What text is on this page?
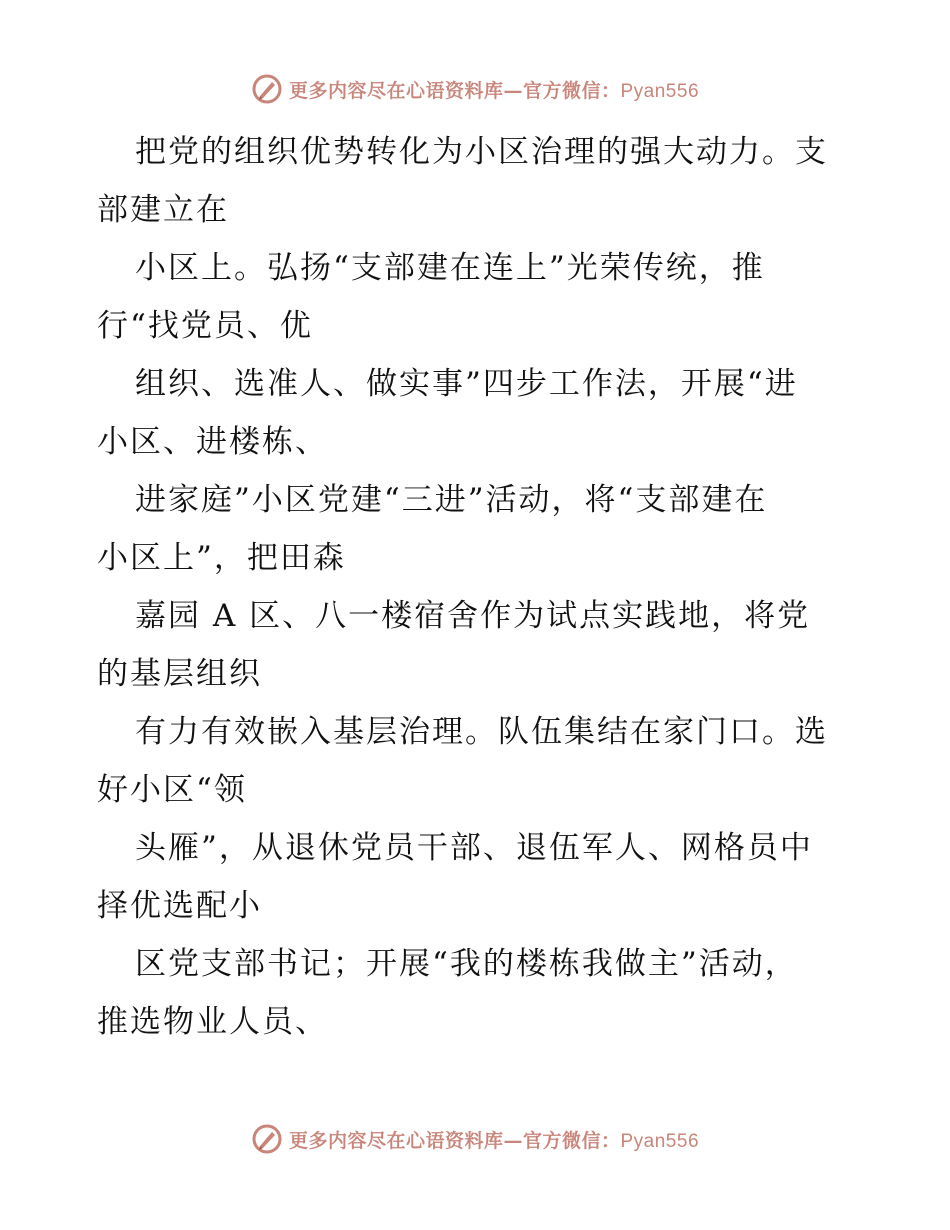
更多内容尽在心语资料库—官方微信：Pyan556
把党的组织优势转化为小区治理的强大动力。支
部建立在
小区上。弘扬“支部建在连上”光荣传统，推
行“找党员、优
组织、选准人、做实事”四步工作法，开展“进
小区、进楼栋、
进家庭”小区党建“三进”活动，将“支部建在
小区上”，把田森
嘉园 A 区、八一楼宿舍作为试点实践地，将党
的基层组织
有力有效嵌入基层治理。队伍集结在家门口。选
好小区“领
头雁”，从退休党员干部、退伍军人、网格员中
择优选配小
区党支部书记；开展“我的楼栋我做主”活动，
推选物业人员、
更多内容尽在心语资料库—官方微信：Pyan556
